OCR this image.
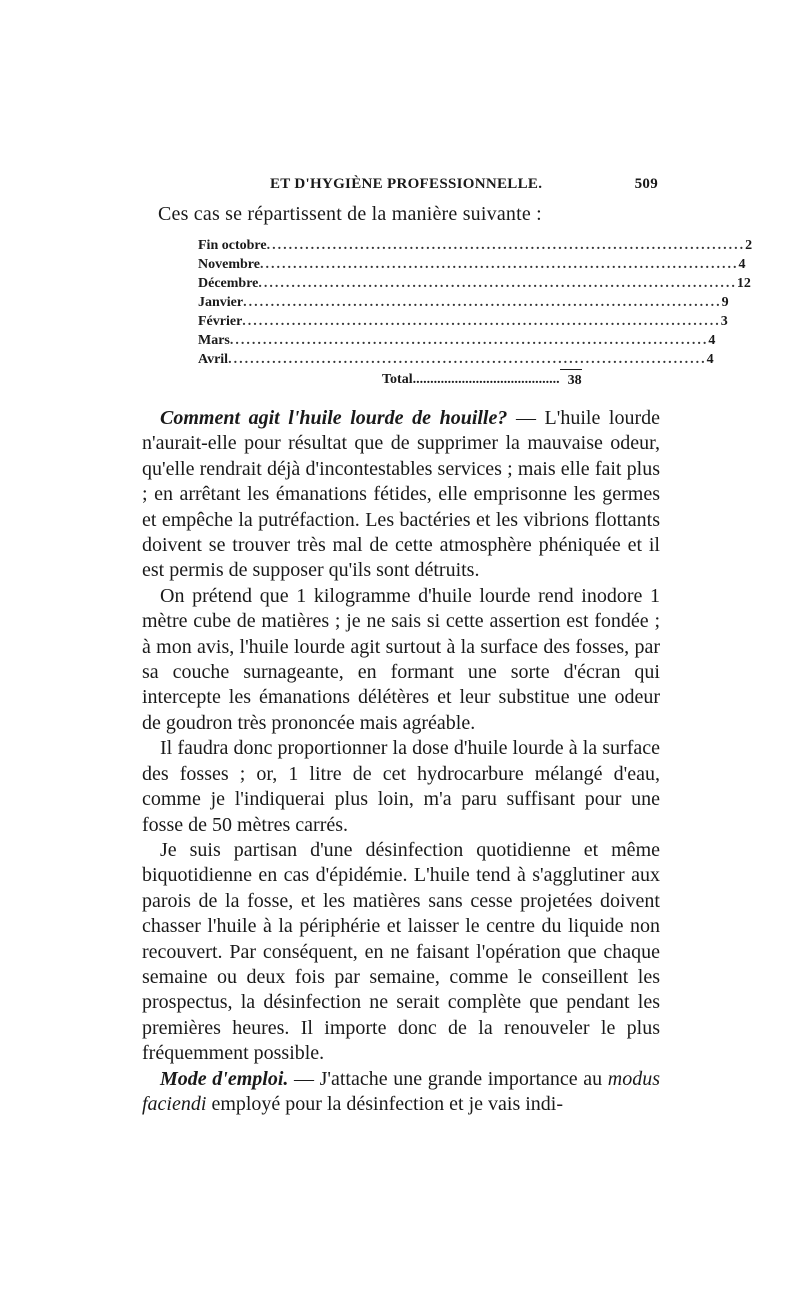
ET D'HYGIÈNE PROFESSIONNELLE.	509
Ces cas se répartissent de la manière suivante :
Fin octobre ....................................................................................... 2
Novembre ....................................................................................... 4
Décembre ....................................................................................... 12
Janvier ....................................................................................... 9
Février ....................................................................................... 3
Mars ....................................................................................... 4
Avril ....................................................................................... 4
Total .......................................... 38

Comment agit l'huile lourde de houille? — L'huile lourde n'aurait-elle pour résultat que de supprimer la mauvaise odeur, qu'elle rendrait déjà d'incontestables services ; mais elle fait plus ; en arrêtant les émanations fétides, elle emprisonne les germes et empêche la putréfaction. Les bactéries et les vibrions flottants doivent se trouver très mal de cette atmosphère phéniquée et il est permis de supposer qu'ils sont détruits.

On prétend que 1 kilogramme d'huile lourde rend inodore 1 mètre cube de matières ; je ne sais si cette assertion est fondée ; à mon avis, l'huile lourde agit surtout à la surface des fosses, par sa couche surnageante, en formant une sorte d'écran qui intercepte les émanations délétères et leur substitue une odeur de goudron très prononcée mais agréable.

Il faudra donc proportionner la dose d'huile lourde à la surface des fosses ; or, 1 litre de cet hydrocarbure mélangé d'eau, comme je l'indiquerai plus loin, m'a paru suffisant pour une fosse de 50 mètres carrés.

Je suis partisan d'une désinfection quotidienne et même biquotidienne en cas d'épidémie. L'huile tend à s'agglutiner aux parois de la fosse, et les matières sans cesse projetées doivent chasser l'huile à la périphérie et laisser le centre du liquide non recouvert. Par conséquent, en ne faisant l'opération que chaque semaine ou deux fois par semaine, comme le conseillent les prospectus, la désinfection ne serait complète que pendant les premières heures. Il importe donc de la renouveler le plus fréquemment possible.

Mode d'emploi. — J'attache une grande importance au modus faciendi employé pour la désinfection et je vais indi-
